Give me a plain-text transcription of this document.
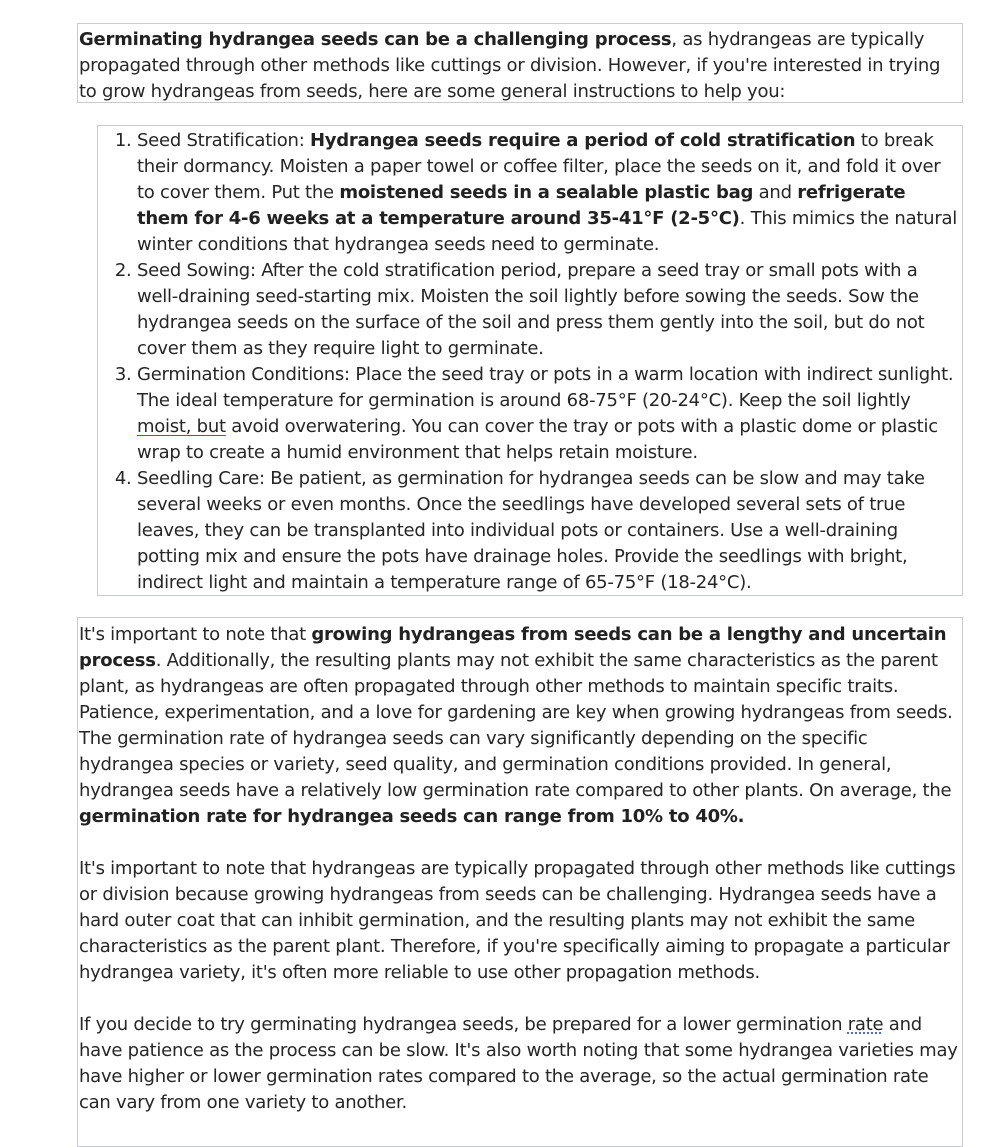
Germinating hydrangea seeds can be a challenging process, as hydrangeas are typically propagated through other methods like cuttings or division. However, if you're interested in trying to grow hydrangeas from seeds, here are some general instructions to help you:

1. Seed Stratification: Hydrangea seeds require a period of cold stratification to break their dormancy. Moisten a paper towel or coffee filter, place the seeds on it, and fold it over to cover them. Put the moistened seeds in a sealable plastic bag and refrigerate them for 4-6 weeks at a temperature around 35-41°F (2-5°C). This mimics the natural winter conditions that hydrangea seeds need to germinate.
2. Seed Sowing: After the cold stratification period, prepare a seed tray or small pots with a well-draining seed-starting mix. Moisten the soil lightly before sowing the seeds. Sow the hydrangea seeds on the surface of the soil and press them gently into the soil, but do not cover them as they require light to germinate.
3. Germination Conditions: Place the seed tray or pots in a warm location with indirect sunlight. The ideal temperature for germination is around 68-75°F (20-24°C). Keep the soil lightly moist, but avoid overwatering. You can cover the tray or pots with a plastic dome or plastic wrap to create a humid environment that helps retain moisture.
4. Seedling Care: Be patient, as germination for hydrangea seeds can be slow and may take several weeks or even months. Once the seedlings have developed several sets of true leaves, they can be transplanted into individual pots or containers. Use a well-draining potting mix and ensure the pots have drainage holes. Provide the seedlings with bright, indirect light and maintain a temperature range of 65-75°F (18-24°C).

It's important to note that growing hydrangeas from seeds can be a lengthy and uncertain process. Additionally, the resulting plants may not exhibit the same characteristics as the parent plant, as hydrangeas are often propagated through other methods to maintain specific traits. Patience, experimentation, and a love for gardening are key when growing hydrangeas from seeds.

The germination rate of hydrangea seeds can vary significantly depending on the specific hydrangea species or variety, seed quality, and germination conditions provided. In general, hydrangea seeds have a relatively low germination rate compared to other plants. On average, the germination rate for hydrangea seeds can range from 10% to 40%.

It's important to note that hydrangeas are typically propagated through other methods like cuttings or division because growing hydrangeas from seeds can be challenging. Hydrangea seeds have a hard outer coat that can inhibit germination, and the resulting plants may not exhibit the same characteristics as the parent plant. Therefore, if you're specifically aiming to propagate a particular hydrangea variety, it's often more reliable to use other propagation methods.

If you decide to try germinating hydrangea seeds, be prepared for a lower germination rate and have patience as the process can be slow. It's also worth noting that some hydrangea varieties may have higher or lower germination rates compared to the average, so the actual germination rate can vary from one variety to another.
